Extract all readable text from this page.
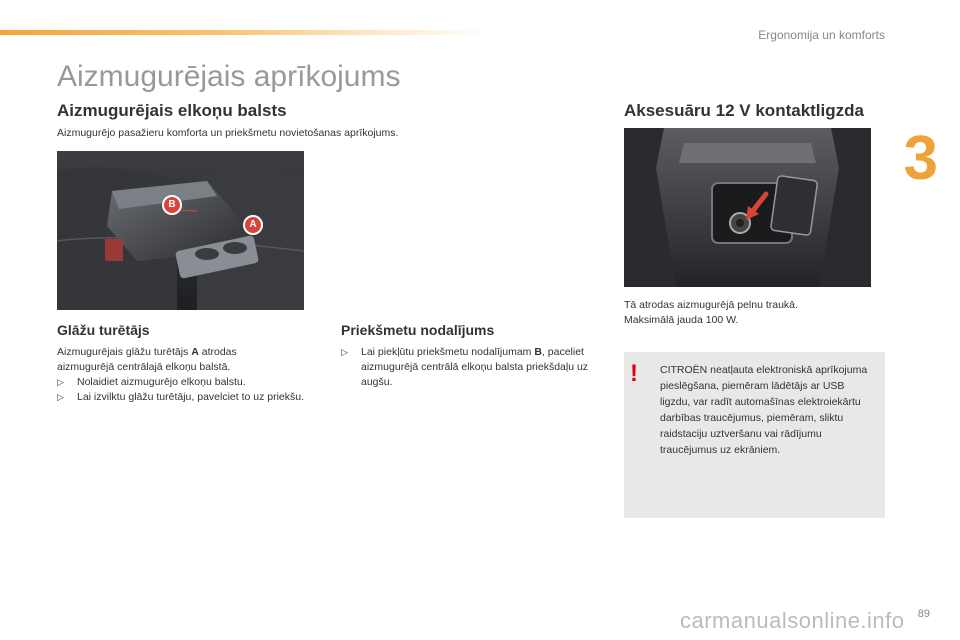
Ergonomija un komforts
3
Aizmugurējais aprīkojums
Aizmugurējais elkoņu balsts
Aizmugurējo pasažieru komforta un priekšmetu novietošanas aprīkojums.
B
A
Glāžu turētājs
Aizmugurējais glāžu turētājs A atrodas
aizmugurējā centrālajā elkoņu balstā.
▷ Nolaidiet aizmugurējo elkoņu balstu.
▷ Lai izvilktu glāžu turētāju, pavelciet to uz priekšu.
Priekšmetu nodalījums
▷ Lai piekļūtu priekšmetu nodalījumam B, paceliet aizmugurējā centrālā elkoņu balsta priekšdaļu uz augšu.
Aksesuāru 12 V kontaktligzda
Tā atrodas aizmugurējā pelnu traukā.
Maksimālā jauda 100 W.
! CITROËN neatļauta elektroniskā aprīkojuma pieslēgšana, piemēram lādētājs ar USB ligzdu, var radīt automašīnas elektroiekārtu darbības traucējumus, piemēram, sliktu raidstaciju uztveršanu vai rādījumu traucējumus uz ekrāniem.
carmanualsonline.info 89
